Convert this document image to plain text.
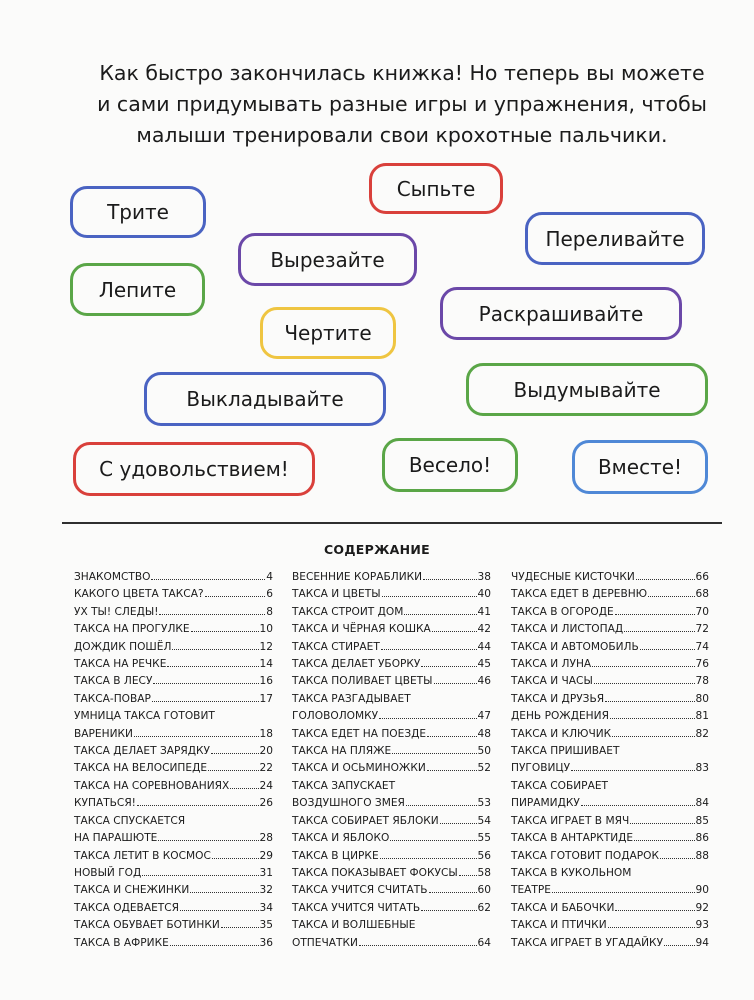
Как быстро закончилась книжка! Но теперь вы можете
и сами придумывать разные игры и упражнения, чтобы
малыши тренировали свои крохотные пальчики.
Трите
Сыпьте
Переливайте
Вырезайте
Лепите
Раскрашивайте
Чертите
Выкладывайте	Выдумывайте
С удовольствием!	Весело!	Вместе!
СОДЕРЖАНИЕ
ЗНАКОМСТВО	4
КАКОГО ЦВЕТА ТАКСА?	6
УХ ТЫ! СЛЕДЫ!	8
ТАКСА НА ПРОГУЛКЕ	10
ДОЖДИК ПОШЁЛ	12
ТАКСА НА РЕЧКЕ	14
ТАКСА В ЛЕСУ	16
ТАКСА-ПОВАР	17
УМНИЦА ТАКСА ГОТОВИТ
ВАРЕНИКИ	18
ТАКСА ДЕЛАЕТ ЗАРЯДКУ	20
ТАКСА НА ВЕЛОСИПЕДЕ	22
ТАКСА НА СОРЕВНОВАНИЯХ	24
КУПАТЬСЯ!	26
ТАКСА СПУСКАЕТСЯ
НА ПАРАШЮТЕ	28
ТАКСА ЛЕТИТ В КОСМОС	29
НОВЫЙ ГОД	31
ТАКСА И СНЕЖИНКИ	32
ТАКСА ОДЕВАЕТСЯ	34
ТАКСА ОБУВАЕТ БОТИНКИ	35
ТАКСА В АФРИКЕ	36
ВЕСЕННИЕ КОРАБЛИКИ	38
ТАКСА И ЦВЕТЫ	40
ТАКСА СТРОИТ ДОМ	41
ТАКСА И ЧЁРНАЯ КОШКА	42
ТАКСА СТИРАЕТ	44
ТАКСА ДЕЛАЕТ УБОРКУ	45
ТАКСА ПОЛИВАЕТ ЦВЕТЫ	46
ТАКСА РАЗГАДЫВАЕТ
ГОЛОВОЛОМКУ	47
ТАКСА ЕДЕТ НА ПОЕЗДЕ	48
ТАКСА НА ПЛЯЖЕ	50
ТАКСА И ОСЬМИНОЖКИ	52
ТАКСА ЗАПУСКАЕТ
ВОЗДУШНОГО ЗМЕЯ	53
ТАКСА СОБИРАЕТ ЯБЛОКИ	54
ТАКСА И ЯБЛОКО	55
ТАКСА В ЦИРКЕ	56
ТАКСА ПОКАЗЫВАЕТ ФОКУСЫ 58
ТАКСА УЧИТСЯ СЧИТАТЬ	60
ТАКСА УЧИТСЯ ЧИТАТЬ	62
ТАКСА И ВОЛШЕБНЫЕ
ОТПЕЧАТКИ	64
ЧУДЕСНЫЕ КИСТОЧКИ	66
ТАКСА ЕДЕТ В ДЕРЕВНЮ	68
ТАКСА В ОГОРОДЕ	70
ТАКСА И ЛИСТОПАД	72
ТАКСА И АВТОМОБИЛЬ	74
ТАКСА И ЛУНА	76
ТАКСА И ЧАСЫ	78
ТАКСА И ДРУЗЬЯ	80
ДЕНЬ РОЖДЕНИЯ	81
ТАКСА И КЛЮЧИК	82
ТАКСА ПРИШИВАЕТ
ПУГОВИЦУ	83
ТАКСА СОБИРАЕТ
ПИРАМИДКУ	84
ТАКСА ИГРАЕТ В МЯЧ	85
ТАКСА В АНТАРКТИДЕ	86
ТАКСА ГОТОВИТ ПОДАРОК	88
ТАКСА В КУКОЛЬНОМ
ТЕАТРЕ	90
ТАКСА И БАБОЧКИ	92
ТАКСА И ПТИЧКИ	93
ТАКСА ИГРАЕТ В УГАДАЙКУ	94
